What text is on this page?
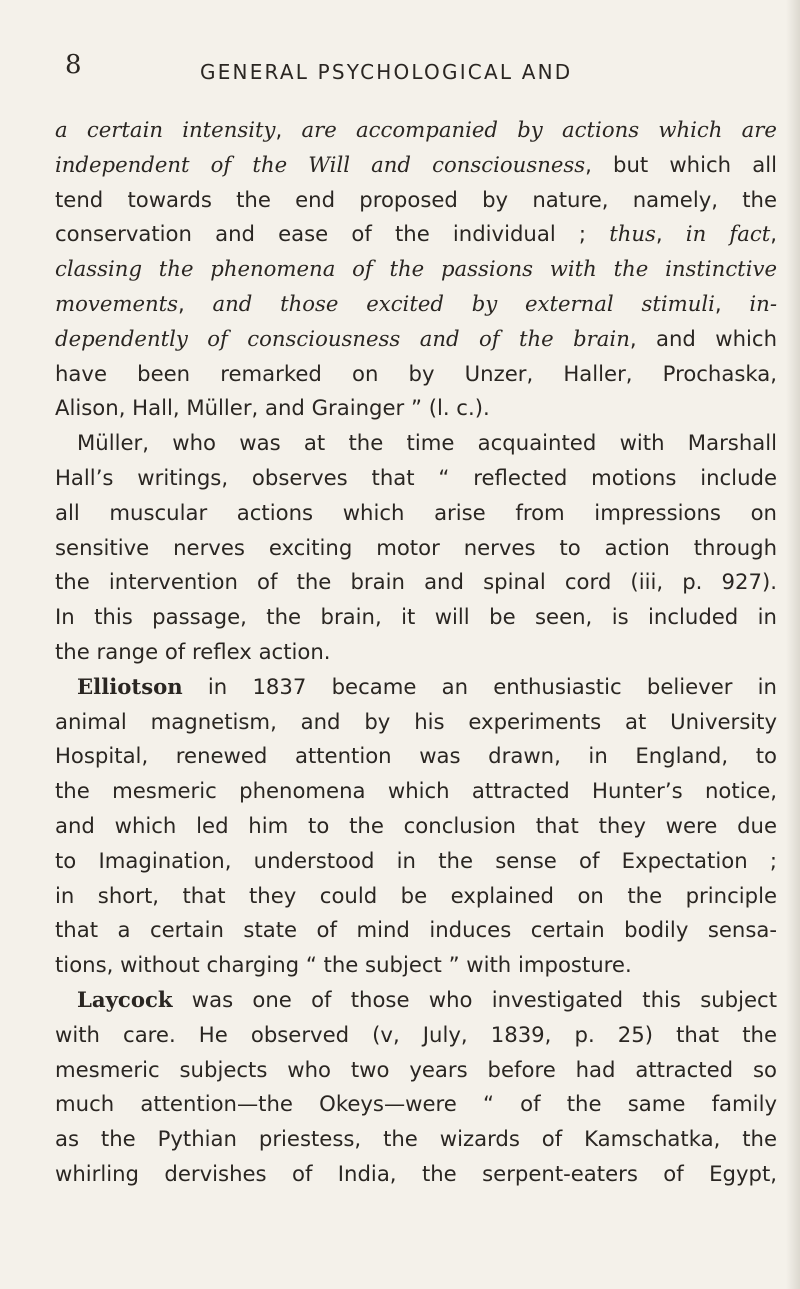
8	GENERAL PSYCHOLOGICAL AND
a certain intensity, are accompanied by actions which are
independent of the Will and consciousness, but which all
tend towards the end proposed by nature, namely, the
conservation and ease of the individual ; thus, in fact,
classing the phenomena of the passions with the instinctive
movements, and those excited by external stimuli, in-
dependently of consciousness and of the brain, and which
have been remarked on by Unzer, Haller, Prochaska,
Alison, Hall, Müller, and Grainger ” (l. c.).
Müller, who was at the time acquainted with Marshall
Hall’s writings, observes that “ reflected motions include
all muscular actions which arise from impressions on
sensitive nerves exciting motor nerves to action through
the intervention of the brain and spinal cord (iii, p. 927).
In this passage, the brain, it will be seen, is included in
the range of reflex action.
Elliotson in 1837 became an enthusiastic believer in
animal magnetism, and by his experiments at University
Hospital, renewed attention was drawn, in England, to
the mesmeric phenomena which attracted Hunter’s notice,
and which led him to the conclusion that they were due
to Imagination, understood in the sense of Expectation ;
in short, that they could be explained on the principle
that a certain state of mind induces certain bodily sensa-
tions, without charging “ the subject ” with imposture.
Laycock was one of those who investigated this subject
with care. He observed (v, July, 1839, p. 25) that the
mesmeric subjects who two years before had attracted so
much attention—the Okeys—were “ of the same family
as the Pythian priestess, the wizards of Kamschatka, the
whirling dervishes of India, the serpent-eaters of Egypt,
